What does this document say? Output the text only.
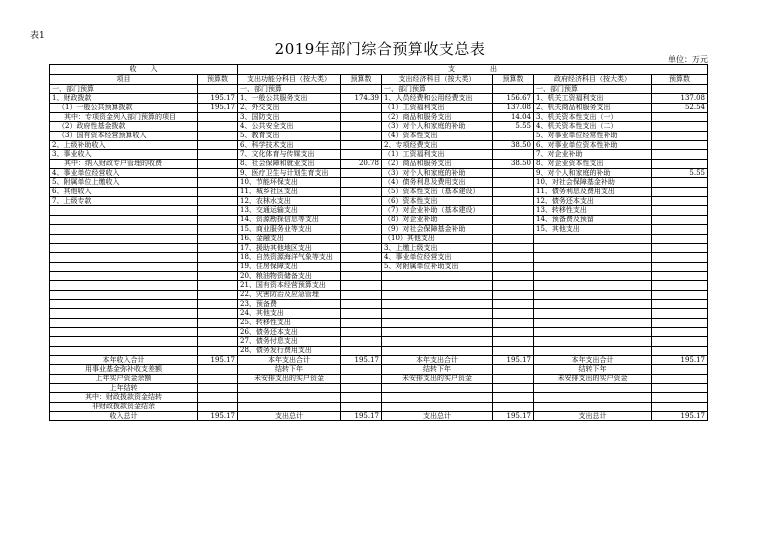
表1
2019年部门综合预算收支总表
单位：万元
收　　入		支　　　　　出					
项目	预算数	支出功能分科目（按大类）	预算数	支出经济科目（按大类）	预算数	政府经济科目（按大类）	预算数
一、部门预算		一、部门预算		一、部门预算		一、部门预算	
1、财政拨款	195.17	1、一般公共服务支出	174.39	1、人员经费和公用经费支出	156.67	1、机关工资福利支出	137.08
（1）一般公共预算拨款	195.17	2、外交支出		（1）工资福利支出	137.08	2、机关商品和服务支出	52.54
其中：专项资金列入部门预算的项目		3、国防支出		（2）商品和服务支出	14.04	3、机关资本性支出（一）	
（2）政府性基金拨款		4、公共安全支出		（3）对个人和家庭的补助	5.55	4、机关资本性支出（二）	
（3）国有资本经营预算收入		5、教育支出		（4）资本性支出		5、对事业单位经常性补助	
2、上级补助收入		6、科学技术支出		2、专项经费支出	38.50	6、对事业单位资本性补助	
3、事业收入		7、文化体育与传媒支出		（1）工资福利支出		7、对企业补助	
其中：纳入财政专户管理的收费		8、社会保障和就业支出	20.78	（2）商品和服务支出	38.50	8、对企业资本性支出	
4、事业单位经营收入		9、医疗卫生与计划生育支出		（3）对个人和家庭的补助		9、对个人和家庭的补助	5.55
5、附属单位上缴收入		10、节能环保支出		（4）债务利息及费用支出		10、对社会保障基金补助	
6、其他收入		11、城乡社区支出		（5）资本性支出（基本建设）		11、债务利息及费用支出	
7、上级专款		12、农林水支出		（6）资本性支出		12、债务还本支出	
		13、交通运输支出		（7）对企业补助（基本建设）		13、转移性支出	
		14、资源勘探信息等支出		（8）对企业补助		14、预备费及预留	
		15、商业服务业等支出		（9）对社会保障基金补助		15、其他支出	
		16、金融支出		（10）其他支出			
		17、援助其他地区支出		3、上缴上级支出			
		18、自然资源海洋气象等支出		4、事业单位经营支出			
		19、住房保障支出		5、对附属单位补助支出			
		20、粮油物资储备支出					
		21、国有资本经营预算支出					
		22、灾害防治及应急管理					
		23、预备费					
		24、其他支出					
		25、转移性支出					
		26、债务还本支出					
		27、债务付息支出					
		28、债务发行费用支出					
本年收入合计	195.17	本年支出合计	195.17	本年支出合计	195.17	本年支出合计	195.17
用事业基金弥补收支差额		结转下年		结转下年		结转下年	
上年实户资金余额		未安排支出的实户资金		未安排支出的实户资金		未安排支出的实户资金	
上年结转							
其中：财政拨款资金结转							
非财政拨款资金结余							
收入总计	195.17	支出总计	195.17	支出总计	195.17	支出总计	195.17
